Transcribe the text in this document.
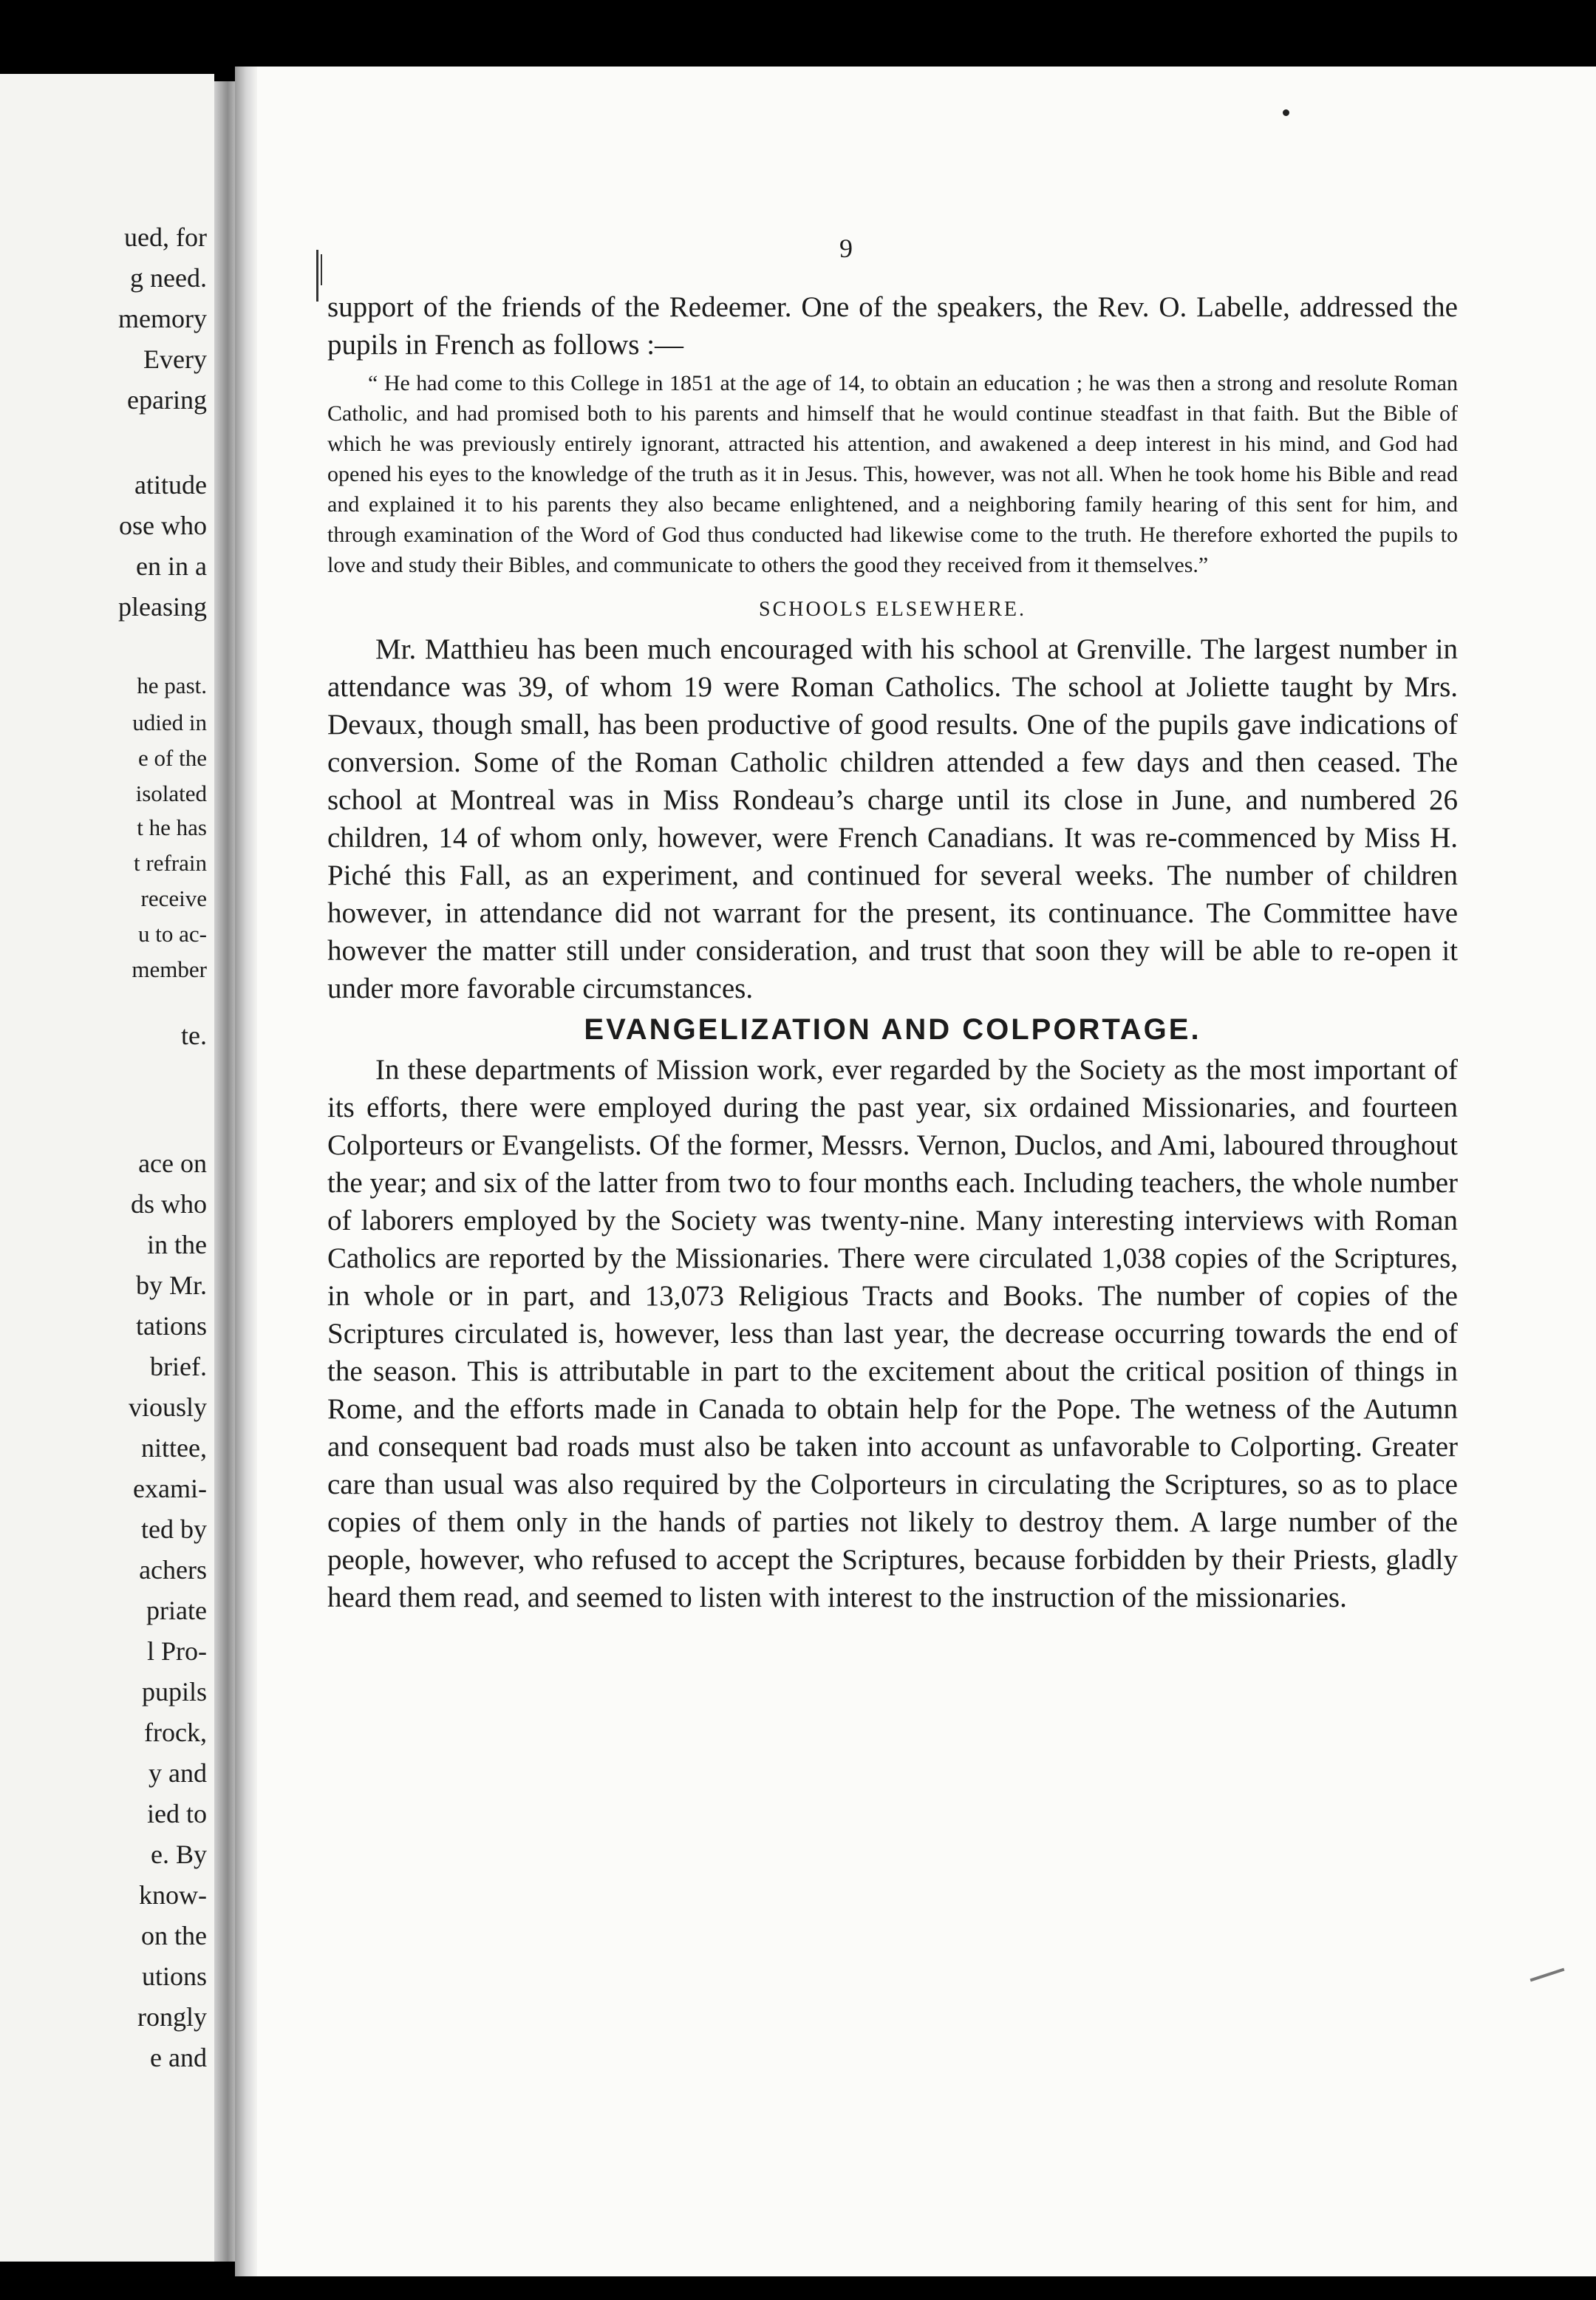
ued, for
g need.
memory
Every
eparing
atitude
ose who
en in a
pleasing
he past.
udied in
e of the
isolated
t he has
t refrain
receive
u to ac-
member
te.
ace on
ds who
in the
by Mr.
tations
brief.
viously
nittee,
exami-
ted by
achers
priate
l Pro-
pupils
frock,
y and
ied to
e. By
know-
on the
utions
rongly
e and
9

support of the friends of the Redeemer. One of the speakers, the Rev. O. Labelle, addressed the pupils in French as follows :—

“ He had come to this College in 1851 at the age of 14, to obtain an education ; he was then a strong and resolute Roman Catholic, and had promised both to his parents and himself that he would continue steadfast in that faith. But the Bible of which he was previously entirely ignorant, attracted his attention, and awakened a deep interest in his mind, and God had opened his eyes to the knowledge of the truth as it in Jesus. This, however, was not all. When he took home his Bible and read and explained it to his parents they also became enlightened, and a neighboring family hearing of this sent for him, and through examination of the Word of God thus conducted had likewise come to the truth. He therefore exhorted the pupils to love and study their Bibles, and communicate to others the good they received from it themselves.”

SCHOOLS ELSEWHERE.

Mr. Matthieu has been much encouraged with his school at Grenville. The largest number in attendance was 39, of whom 19 were Roman Catholics. The school at Joliette taught by Mrs. Devaux, though small, has been productive of good results. One of the pupils gave indications of conversion. Some of the Roman Catholic children attended a few days and then ceased. The school at Montreal was in Miss Rondeau’s charge until its close in June, and numbered 26 children, 14 of whom only, however, were French Canadians. It was re-commenced by Miss H. Piché this Fall, as an experiment, and continued for several weeks. The number of children however, in attendance did not warrant for the present, its continuance. The Committee have however the matter still under consideration, and trust that soon they will be able to re-open it under more favorable circumstances.

EVANGELIZATION AND COLPORTAGE.

In these departments of Mission work, ever regarded by the Society as the most important of its efforts, there were employed during the past year, six ordained Missionaries, and fourteen Colporteurs or Evangelists. Of the former, Messrs. Vernon, Duclos, and Ami, laboured throughout the year; and six of the latter from two to four months each. Including teachers, the whole number of laborers employed by the Society was twenty-nine. Many interesting interviews with Roman Catholics are reported by the Missionaries. There were circulated 1,038 copies of the Scriptures, in whole or in part, and 13,073 Religious Tracts and Books. The number of copies of the Scriptures circulated is, however, less than last year, the decrease occurring towards the end of the season. This is attributable in part to the excitement about the critical position of things in Rome, and the efforts made in Canada to obtain help for the Pope. The wetness of the Autumn and consequent bad roads must also be taken into account as unfavorable to Colporting. Greater care than usual was also required by the Colporteurs in circulating the Scriptures, so as to place copies of them only in the hands of parties not likely to destroy them. A large number of the people, however, who refused to accept the Scriptures, because forbidden by their Priests, gladly heard them read, and seemed to listen with interest to the instruction of the missionaries.
